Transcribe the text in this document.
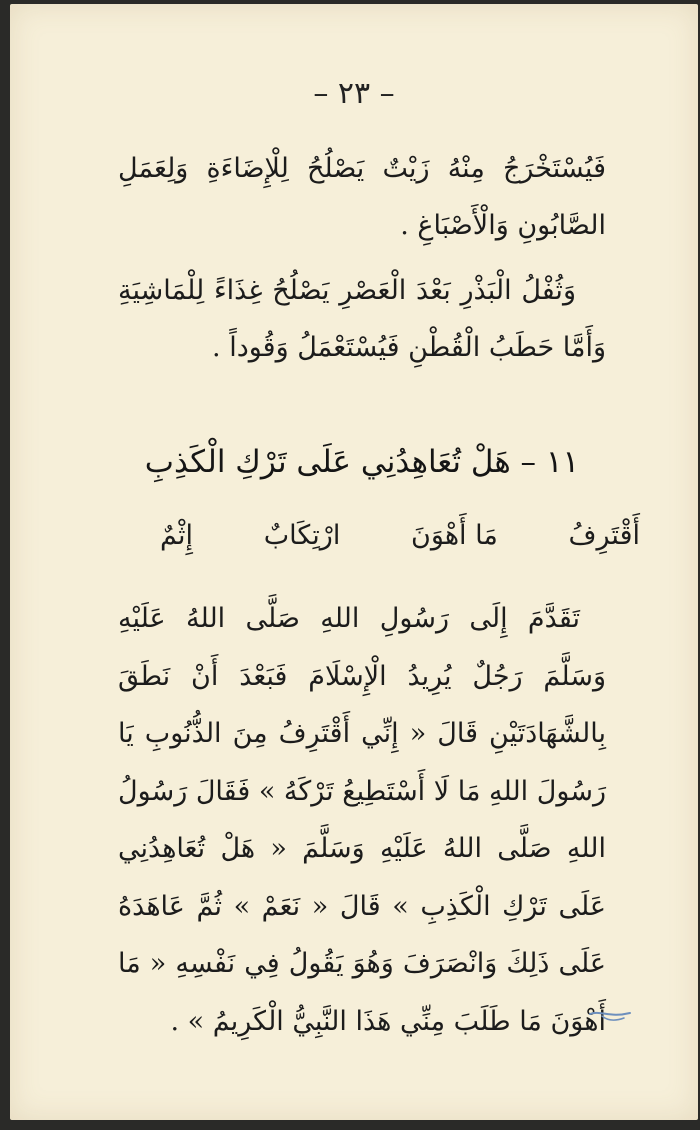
– ٢٣ –
فَيُسْتَخْرَجُ مِنْهُ زَيْتٌ يَصْلُحُ لِلْإِضَاءَةِ وَلِعَمَلِ الصَّابُونِ وَالْأَصْبَاغِ .
وَثُفْلُ الْبَذْرِ بَعْدَ الْعَصْرِ يَصْلُحُ غِذَاءً لِلْمَاشِيَةِ وَأَمَّا حَطَبُ الْقُطْنِ فَيُسْتَعْمَلُ وَقُوداً .
١١ – هَلْ تُعَاهِدُنِي عَلَى تَرْكِ الْكَذِبِ
أَقْتَرِفُ
مَا أَهْوَنَ
ارْتِكَابٌ
إِثْمٌ

تَقَدَّمَ إِلَى رَسُولِ اللهِ صَلَّى اللهُ عَلَيْهِ وَسَلَّمَ رَجُلٌ يُرِيدُ الْإِسْلَامَ فَبَعْدَ أَنْ نَطَقَ بِالشَّهَادَتَيْنِ قَالَ « إِنِّي أَقْتَرِفُ مِنَ الذُّنُوبِ يَا رَسُولَ اللهِ مَا لَا أَسْتَطِيعُ تَرْكَهُ » فَقَالَ رَسُولُ اللهِ صَلَّى اللهُ عَلَيْهِ وَسَلَّمَ « هَلْ تُعَاهِدُنِي عَلَى تَرْكِ الْكَذِبِ » قَالَ « نَعَمْ » ثُمَّ عَاهَدَهُ عَلَى ذَلِكَ وَانْصَرَفَ وَهُوَ يَقُولُ فِي نَفْسِهِ « مَا أَهْوَنَ مَا طَلَبَ مِنِّي هَذَا النَّبِيُّ الْكَرِيمُ » .
